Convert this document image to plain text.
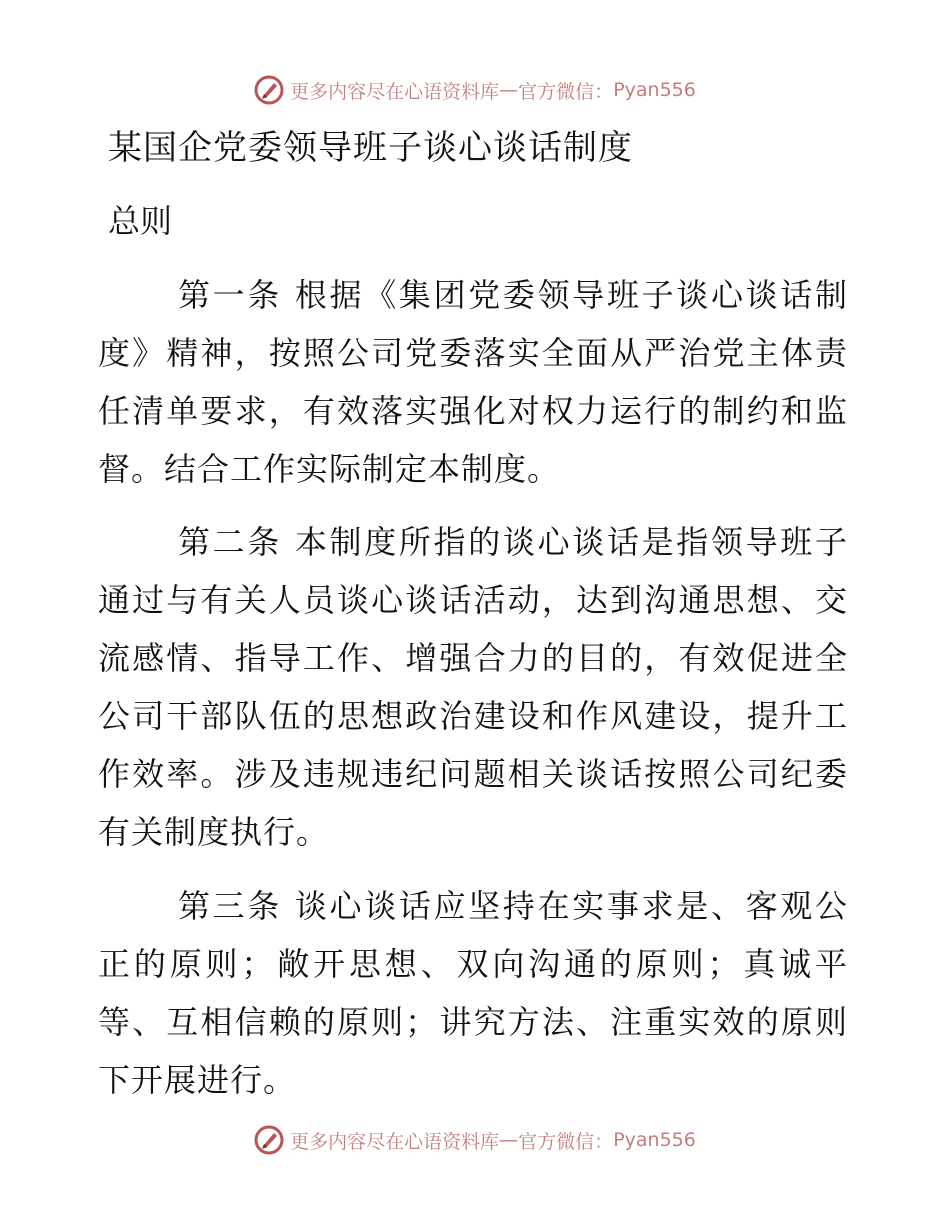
更多内容尽在心语资料库 — 官方微信： Pyan556
某国企党委领导班子谈心谈话制度
总则

第一条 根据《集团党委领导班子谈心谈话制度》精神，按照公司党委落实全面从严治党主体责任清单要求，有效落实强化对权力运行的制约和监督。结合工作实际制定本制度。

第二条 本制度所指的谈心谈话是指领导班子通过与有关人员谈心谈话活动，达到沟通思想、交流感情、指导工作、增强合力的目的，有效促进全公司干部队伍的思想政治建设和作风建设，提升工作效率。涉及违规违纪问题相关谈话按照公司纪委有关制度执行。

第三条 谈心谈话应坚持在实事求是、客观公正的原则；敞开思想、双向沟通的原则；真诚平等、互相信赖的原则；讲究方法、注重实效的原则下开展进行。

更多内容尽在心语资料库 — 官方微信： Pyan556
